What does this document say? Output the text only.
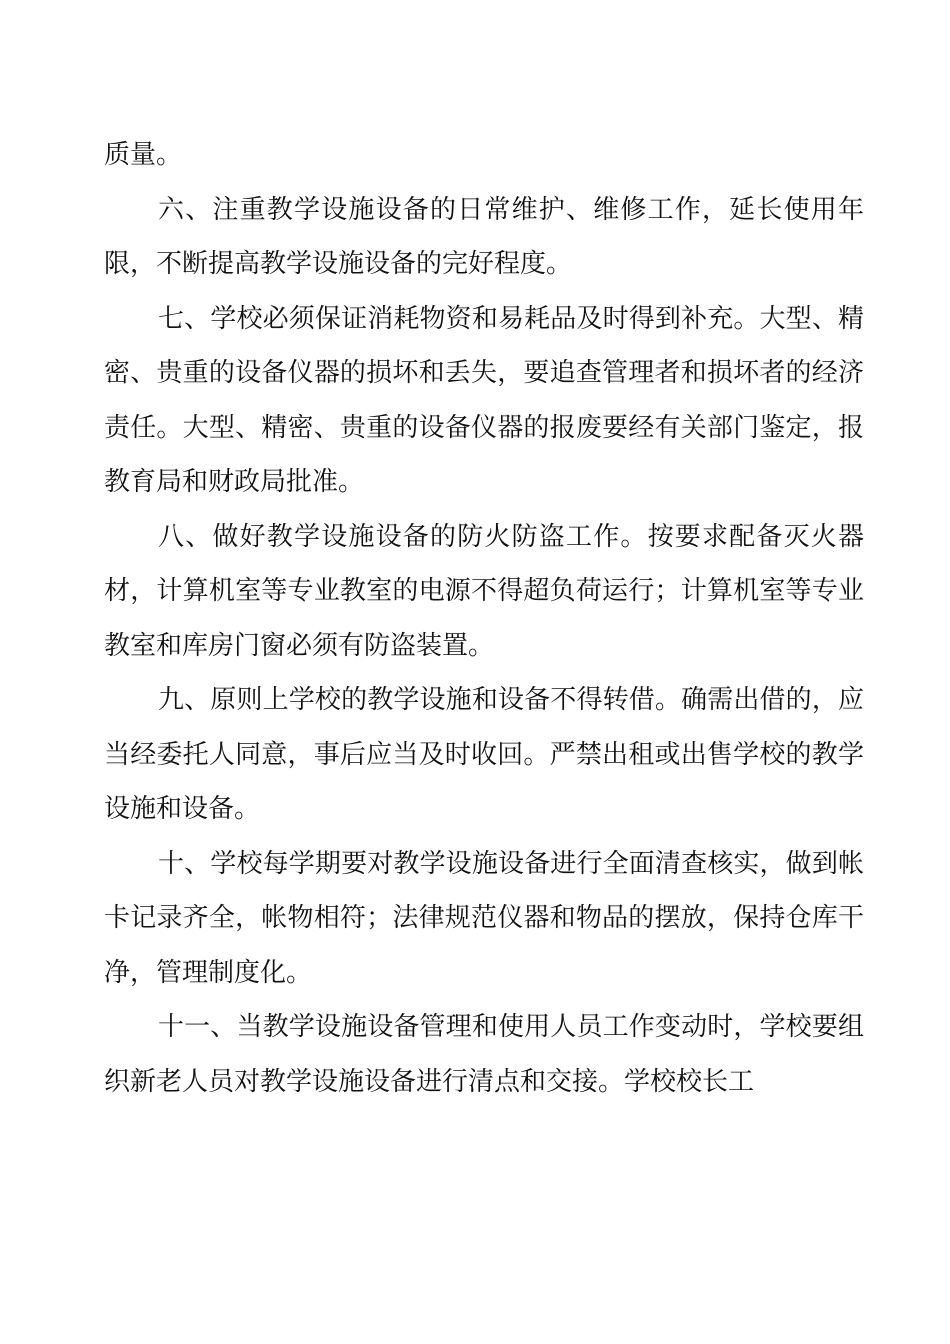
质量。

六、注重教学设施设备的日常维护、维修工作，延长使用年限，不断提高教学设施设备的完好程度。

七、学校必须保证消耗物资和易耗品及时得到补充。大型、精密、贵重的设备仪器的损坏和丢失，要追查管理者和损坏者的经济责任。大型、精密、贵重的设备仪器的报废要经有关部门鉴定，报教育局和财政局批准。

八、做好教学设施设备的防火防盗工作。按要求配备灭火器材，计算机室等专业教室的电源不得超负荷运行；计算机室等专业教室和库房门窗必须有防盗装置。

九、原则上学校的教学设施和设备不得转借。确需出借的，应当经委托人同意，事后应当及时收回。严禁出租或出售学校的教学设施和设备。

十、学校每学期要对教学设施设备进行全面清查核实，做到帐卡记录齐全，帐物相符；法律规范仪器和物品的摆放，保持仓库干净，管理制度化。

十一、当教学设施设备管理和使用人员工作变动时，学校要组织新老人员对教学设施设备进行清点和交接。学校校长工
